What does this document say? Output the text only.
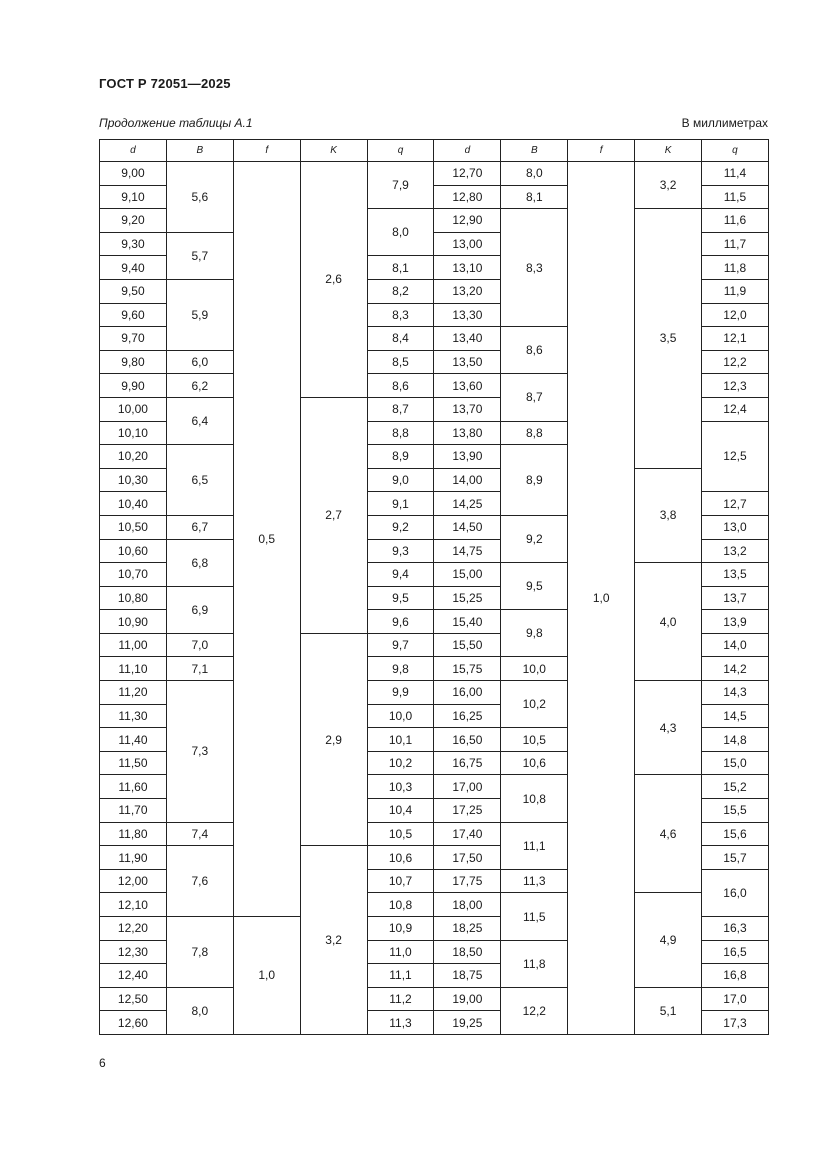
ГОСТ Р 72051—2025
Продолжение таблицы А.1	В миллиметрах
d	B	f	K	q	d	B	f	K	q
9,00	5,6	0,5	2,6	7,9	12,70	8,0	1,0	3,2	11,4
9,10					12,80	8,1			11,5
9,20				8,0	12,90	8,3		3,5	11,6
9,30	5,7				13,00				11,7
9,40				8,1	13,10				11,8
9,50	5,9			8,2	13,20				11,9
9,60				8,3	13,30				12,0
9,70				8,4	13,40	8,6			12,1
9,80	6,0			8,5	13,50				12,2
9,90	6,2			8,6	13,60	8,7			12,3
10,00	6,4		2,7	8,7	13,70				12,4
10,10				8,8	13,80	8,8			12,5
10,20	6,5			8,9	13,90	8,9			
10,30				9,0	14,00			3,8	
10,40				9,1	14,25				12,7
10,50	6,7			9,2	14,50	9,2			13,0
10,60	6,8			9,3	14,75				13,2
10,70				9,4	15,00	9,5		4,0	13,5
10,80	6,9			9,5	15,25				13,7
10,90				9,6	15,40	9,8			13,9
11,00	7,0		2,9	9,7	15,50				14,0
11,10	7,1			9,8	15,75	10,0			14,2
11,20	7,3			9,9	16,00	10,2		4,3	14,3
11,30				10,0	16,25				14,5
11,40				10,1	16,50	10,5			14,8
11,50				10,2	16,75	10,6			15,0
11,60				10,3	17,00	10,8		4,6	15,2
11,70				10,4	17,25				15,5
11,80	7,4			10,5	17,40	11,1			15,6
11,90	7,6		3,2	10,6	17,50				15,7
12,00				10,7	17,75	11,3			16,0
12,10				10,8	18,00	11,5		4,9	
12,20	7,8	1,0		10,9	18,25				16,3
12,30				11,0	18,50	11,8			16,5
12,40				11,1	18,75				16,8
12,50	8,0			11,2	19,00	12,2		5,1	17,0
12,60				11,3	19,25				17,3
6
